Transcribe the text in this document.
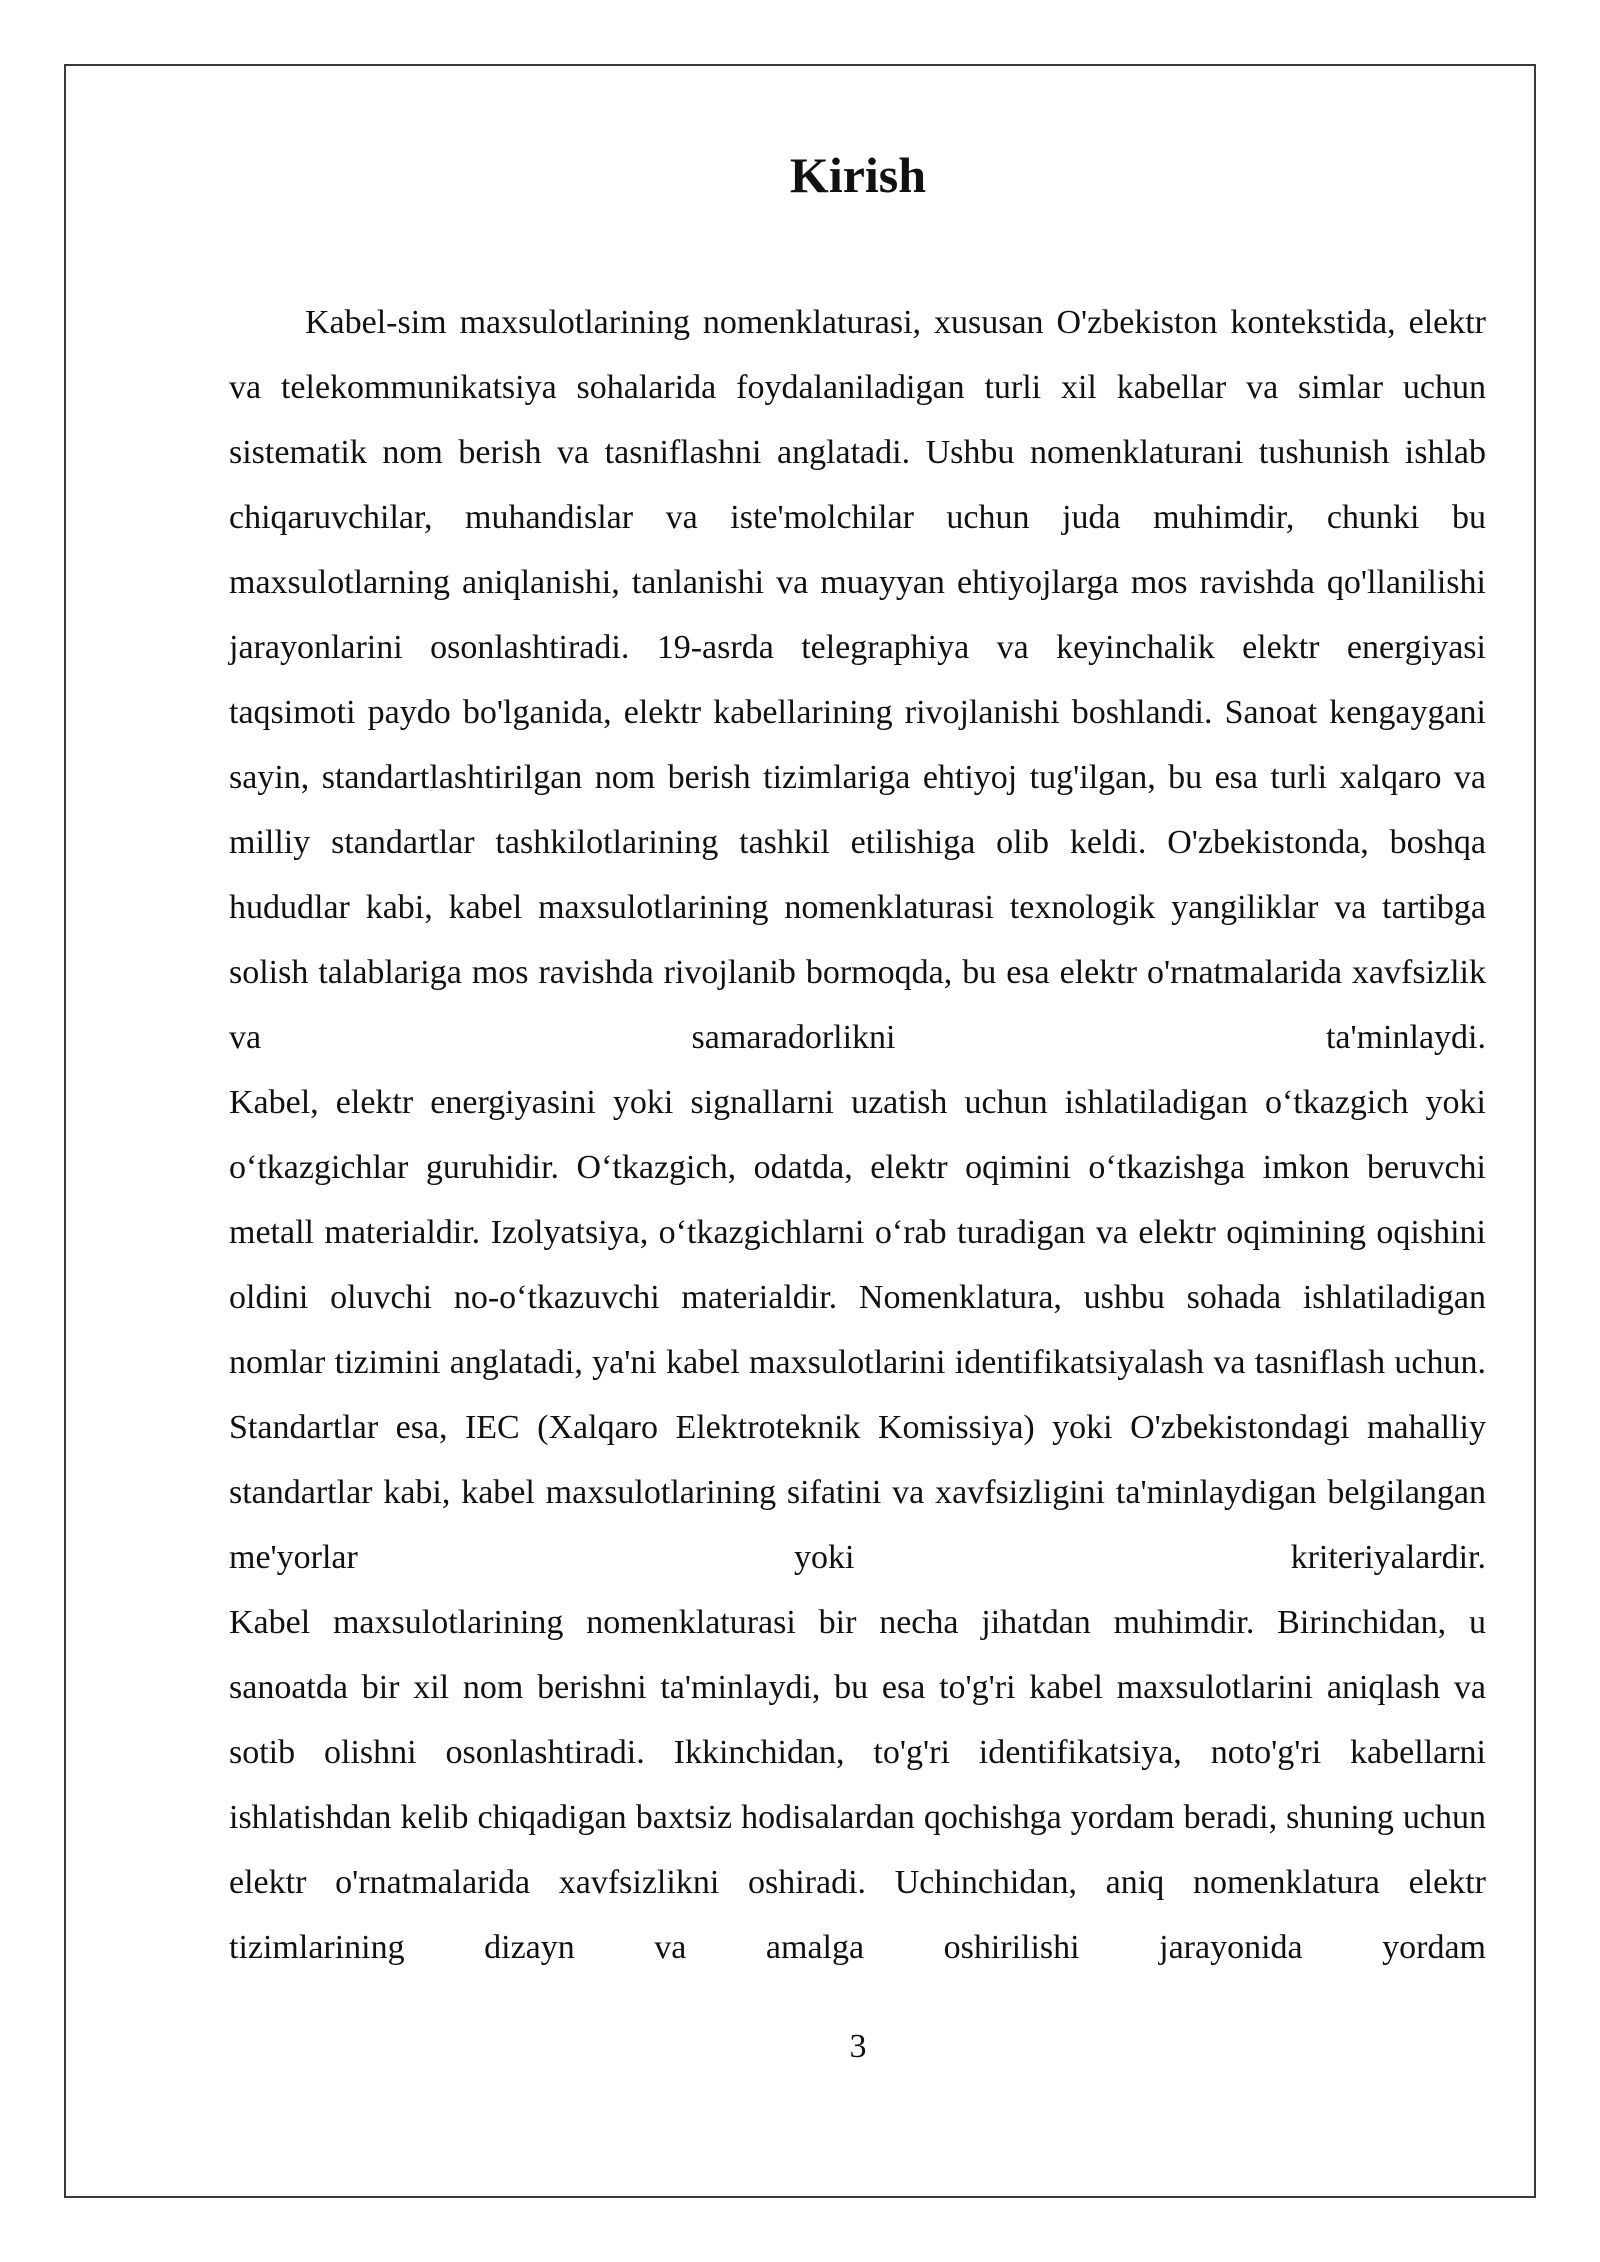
Kirish

Kabel-sim maxsulotlarining nomenklaturasi, xususan O'zbekiston kontekstida, elektr va telekommunikatsiya sohalarida foydalaniladigan turli xil kabellar va simlar uchun sistematik nom berish va tasniflashni anglatadi. Ushbu nomenklaturani tushunish ishlab chiqaruvchilar, muhandislar va iste'molchilar uchun juda muhimdir, chunki bu maxsulotlarning aniqlanishi, tanlanishi va muayyan ehtiyojlarga mos ravishda qo'llanilishi jarayonlarini osonlashtiradi. 19-asrda telegraphiya va keyinchalik elektr energiyasi taqsimoti paydo bo'lganida, elektr kabellarining rivojlanishi boshlandi. Sanoat kengaygani sayin, standartlashtirilgan nom berish tizimlariga ehtiyoj tug'ilgan, bu esa turli xalqaro va milliy standartlar tashkilotlarining tashkil etilishiga olib keldi. O'zbekistonda, boshqa hududlar kabi, kabel maxsulotlarining nomenklaturasi texnologik yangiliklar va tartibga solish talablariga mos ravishda rivojlanib bormoqda, bu esa elektr o'rnatmalarida xavfsizlik va samaradorlikni ta'minlaydi.

Kabel, elektr energiyasini yoki signallarni uzatish uchun ishlatiladigan o‘tkazgich yoki o‘tkazgichlar guruhidir. O‘tkazgich, odatda, elektr oqimini o‘tkazishga imkon beruvchi metall materialdir. Izolyatsiya, o‘tkazgichlarni o‘rab turadigan va elektr oqimining oqishini oldini oluvchi no-o‘tkazuvchi materialdir. Nomenklatura, ushbu sohada ishlatiladigan nomlar tizimini anglatadi, ya'ni kabel maxsulotlarini identifikatsiyalash va tasniflash uchun. Standartlar esa, IEC (Xalqaro Elektroteknik Komissiya) yoki O'zbekistondagi mahalliy standartlar kabi, kabel maxsulotlarining sifatini va xavfsizligini ta'minlaydigan belgilangan me'yorlar yoki kriteriyalardir.

Kabel maxsulotlarining nomenklaturasi bir necha jihatdan muhimdir. Birinchidan, u sanoatda bir xil nom berishni ta'minlaydi, bu esa to'g'ri kabel maxsulotlarini aniqlash va sotib olishni osonlashtiradi. Ikkinchidan, to'g'ri identifikatsiya, noto'g'ri kabellarni ishlatishdan kelib chiqadigan baxtsiz hodisalardan qochishga yordam beradi, shuning uchun elektr o'rnatmalarida xavfsizlikni oshiradi. Uchinchidan, aniq nomenklatura elektr tizimlarining dizayn va amalga oshirilishi jarayonida yordam

3
